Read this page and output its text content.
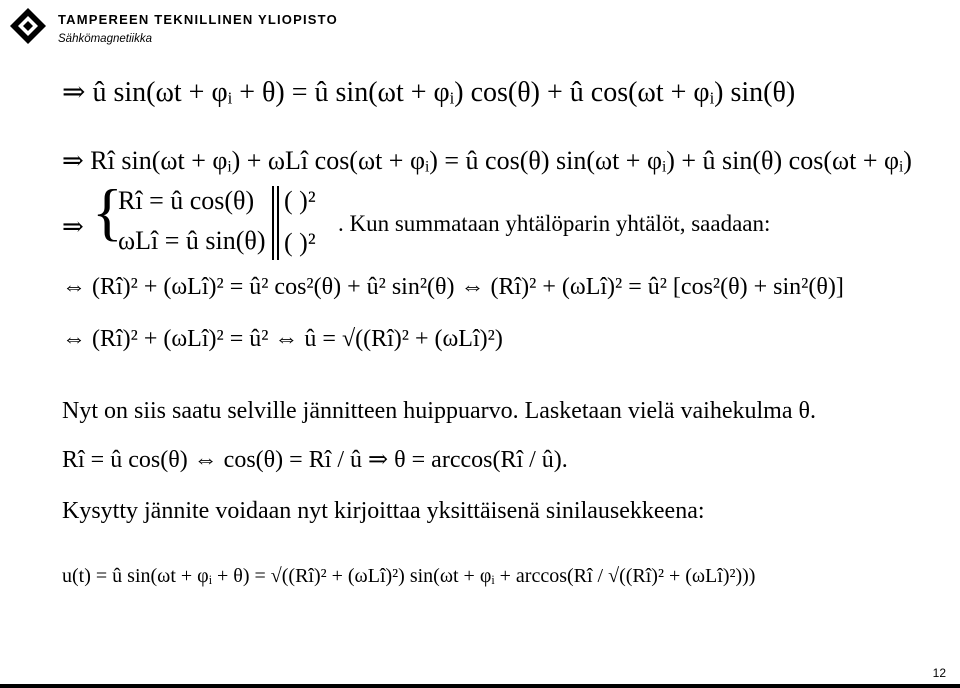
TAMPEREEN TEKNILLINEN YLIOPISTO
Sähkömagnetiikka
⇒ û sin(ωt + φᵢ + θ) = û sin(ωt + φᵢ) cos(θ) + û cos(ωt + φᵢ) sin(θ)
⇒ Rî sin(ωt + φᵢ) + ωLî cos(ωt + φᵢ) = û cos(θ) sin(ωt + φᵢ) + û sin(θ) cos(ωt + φᵢ)
⇒ {
Rî = û cos(θ)
ωLî = û sin(θ)
( )²
( )²
. Kun summataan yhtälöparin yhtälöt, saadaan:
⇔ (Rî)² + (ωLî)² = û² cos²(θ) + û² sin²(θ) ⇔ (Rî)² + (ωLî)² = û² [cos²(θ) + sin²(θ)]
⇔ (Rî)² + (ωLî)² = û² ⇔ û = √((Rî)² + (ωLî)²)
Nyt on siis saatu selville jännitteen huippuarvo. Lasketaan vielä vaihekulma θ.
Rî = û cos(θ) ⇔ cos(θ) = Rî / û ⇒ θ = arccos(Rî / û).
Kysytty jännite voidaan nyt kirjoittaa yksittäisenä sinilausekkeena:
u(t) = û sin(ωt + φᵢ + θ) = √((Rî)² + (ωLî)²) sin(ωt + φᵢ + arccos(Rî / √((Rî)² + (ωLî)²)))
12
